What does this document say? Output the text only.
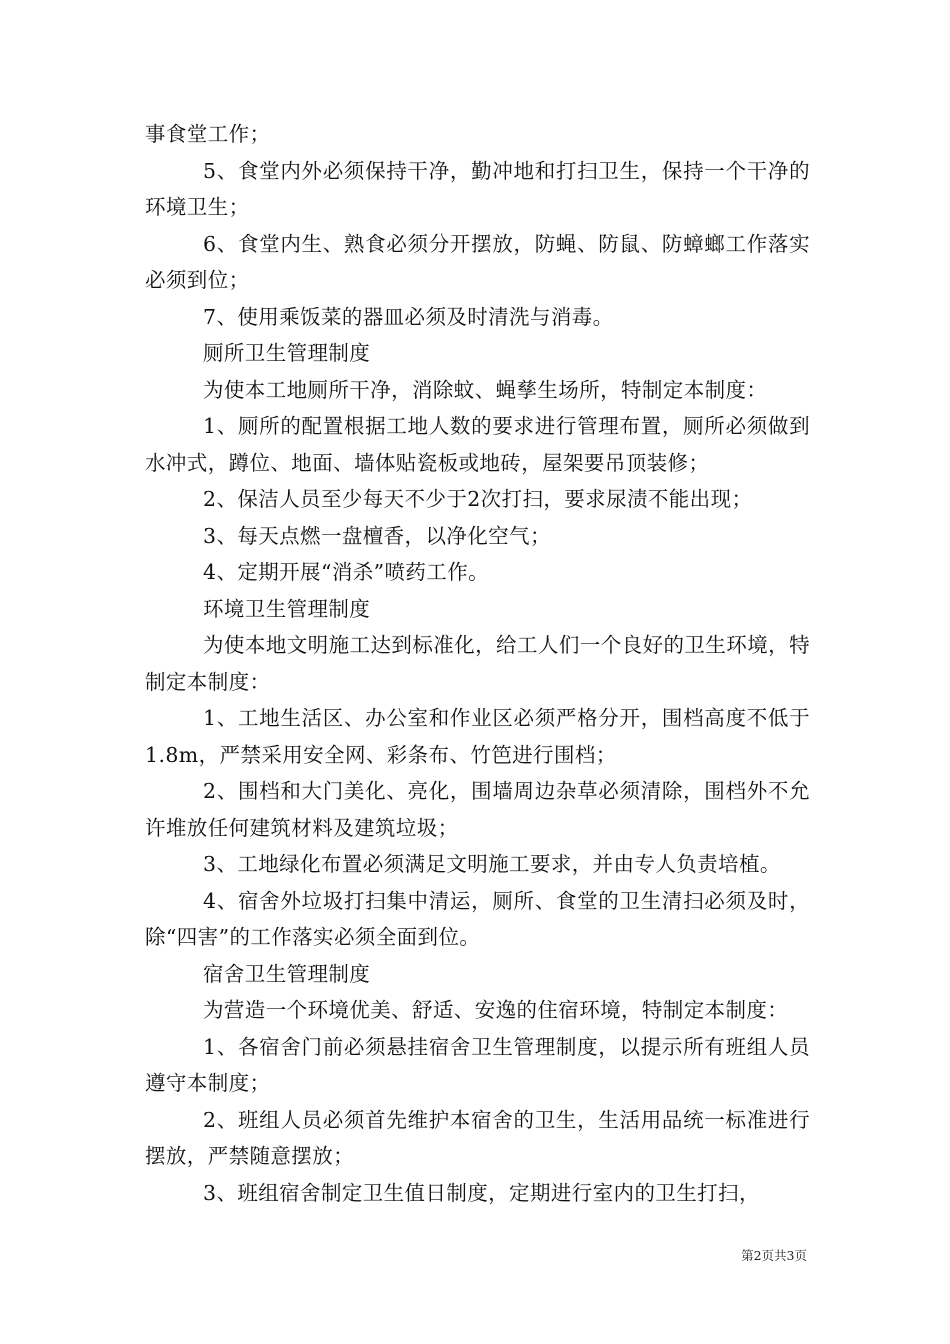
事食堂工作；

5、食堂内外必须保持干净，勤冲地和打扫卫生，保持一个干净的环境卫生；

6、食堂内生、熟食必须分开摆放，防蝇、防鼠、防蟑螂工作落实必须到位；

7、使用乘饭菜的器皿必须及时清洗与消毒。

厕所卫生管理制度

为使本工地厕所干净，消除蚊、蝇孳生场所，特制定本制度：

1、厕所的配置根据工地人数的要求进行管理布置，厕所必须做到水冲式，蹲位、地面、墙体贴瓷板或地砖，屋架要吊顶装修；

2、保洁人员至少每天不少于2次打扫，要求尿渍不能出现；

3、每天点燃一盘檀香，以净化空气；

4、定期开展“消杀”喷药工作。

环境卫生管理制度

为使本地文明施工达到标准化，给工人们一个良好的卫生环境，特制定本制度：

1、工地生活区、办公室和作业区必须严格分开，围档高度不低于1.8m，严禁采用安全网、彩条布、竹笆进行围档；

2、围档和大门美化、亮化，围墙周边杂草必须清除，围档外不允许堆放任何建筑材料及建筑垃圾；

3、工地绿化布置必须满足文明施工要求，并由专人负责培植。

4、宿舍外垃圾打扫集中清运，厕所、食堂的卫生清扫必须及时，除“四害”的工作落实必须全面到位。

宿舍卫生管理制度

为营造一个环境优美、舒适、安逸的住宿环境，特制定本制度：

1、各宿舍门前必须悬挂宿舍卫生管理制度，以提示所有班组人员遵守本制度；

2、班组人员必须首先维护本宿舍的卫生，生活用品统一标准进行摆放，严禁随意摆放；

3、班组宿舍制定卫生值日制度，定期进行室内的卫生打扫，

第2页共3页
